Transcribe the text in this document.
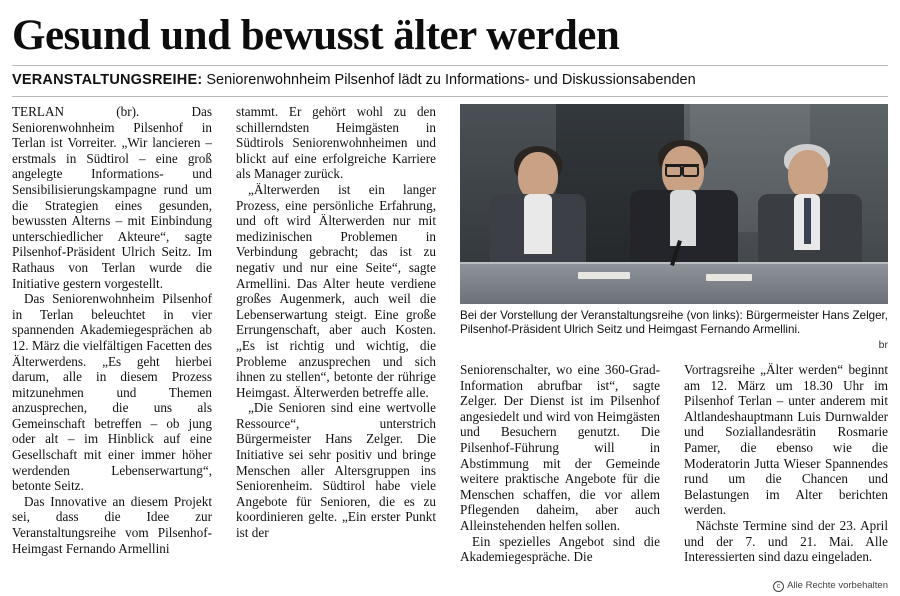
Gesund und bewusst älter werden
VERANSTALTUNGSREIHE: Seniorenwohnheim Pilsenhof lädt zu Informations- und Diskussionsabenden

TERLAN (br). Das Seniorenwohnheim Pilsenhof in Terlan ist Vorreiter. „Wir lancieren – erstmals in Südtirol – eine groß angelegte Informations- und Sensibilisierungskampagne rund um die Strategien eines gesunden, bewussten Alterns – mit Einbindung unterschiedlicher Akteure“, sagte Pilsenhof-Präsident Ulrich Seitz. Im Rathaus von Terlan wurde die Initiative gestern vorgestellt.

Das Seniorenwohnheim Pilsenhof in Terlan beleuchtet in vier spannenden Akademiegesprächen ab 12. März die vielfältigen Facetten des Älterwerdens. „Es geht hierbei darum, alle in diesem Prozess mitzunehmen und Themen anzusprechen, die uns als Gemeinschaft betreffen – ob jung oder alt – im Hinblick auf eine Gesellschaft mit einer immer höher werdenden Lebenserwartung“, betonte Seitz.

Das Innovative an diesem Projekt sei, dass die Idee zur Veranstaltungsreihe vom Pilsenhof-Heimgast Fernando Armellini

stammt. Er gehört wohl zu den schillerndsten Heimgästen in Südtirols Seniorenwohnheimen und blickt auf eine erfolgreiche Karriere als Manager zurück.

„Älterwerden ist ein langer Prozess, eine persönliche Erfahrung, und oft wird Älterwerden nur mit medizinischen Problemen in Verbindung gebracht; das ist zu negativ und nur eine Seite“, sagte Armellini. Das Alter heute verdiene großes Augenmerk, auch weil die Lebenserwartung steigt. Eine große Errungenschaft, aber auch Kosten. „Es ist richtig und wichtig, die Probleme anzusprechen und sich ihnen zu stellen“, betonte der rührige Heimgast. Älterwerden betreffe alle.

„Die Senioren sind eine wertvolle Ressource“, unterstrich Bürgermeister Hans Zelger. Die Initiative sei sehr positiv und bringe Menschen aller Altersgruppen ins Seniorenheim. Südtirol habe viele Angebote für Senioren, die es zu koordinieren gelte. „Ein erster Punkt ist der

Bei der Vorstellung der Veranstaltungsreihe (von links): Bürgermeister Hans Zelger, Pilsenhof-Präsident Ulrich Seitz und Heimgast Fernando Armellini.
br

Seniorenschalter, wo eine 360-Grad-Information abrufbar ist“, sagte Zelger. Der Dienst ist im Pilsenhof angesiedelt und wird von Heimgästen und Besuchern genutzt. Die Pilsenhof-Führung will in Abstimmung mit der Gemeinde weitere praktische Angebote für die Menschen schaffen, die vor allem Pflegenden daheim, aber auch Alleinstehenden helfen sollen.

Ein spezielles Angebot sind die Akademiegespräche. Die

Vortragsreihe „Älter werden“ beginnt am 12. März um 18.30 Uhr im Pilsenhof Terlan – unter anderem mit Altlandeshauptmann Luis Durnwalder und Soziallandesrätin Rosmarie Pamer, die ebenso wie die Moderatorin Jutta Wieser Spannendes rund um die Chancen und Belastungen im Alter berichten werden.

Nächste Termine sind der 23. April und der 7. und 21. Mai. Alle Interessierten sind dazu eingeladen.

c Alle Rechte vorbehalten
